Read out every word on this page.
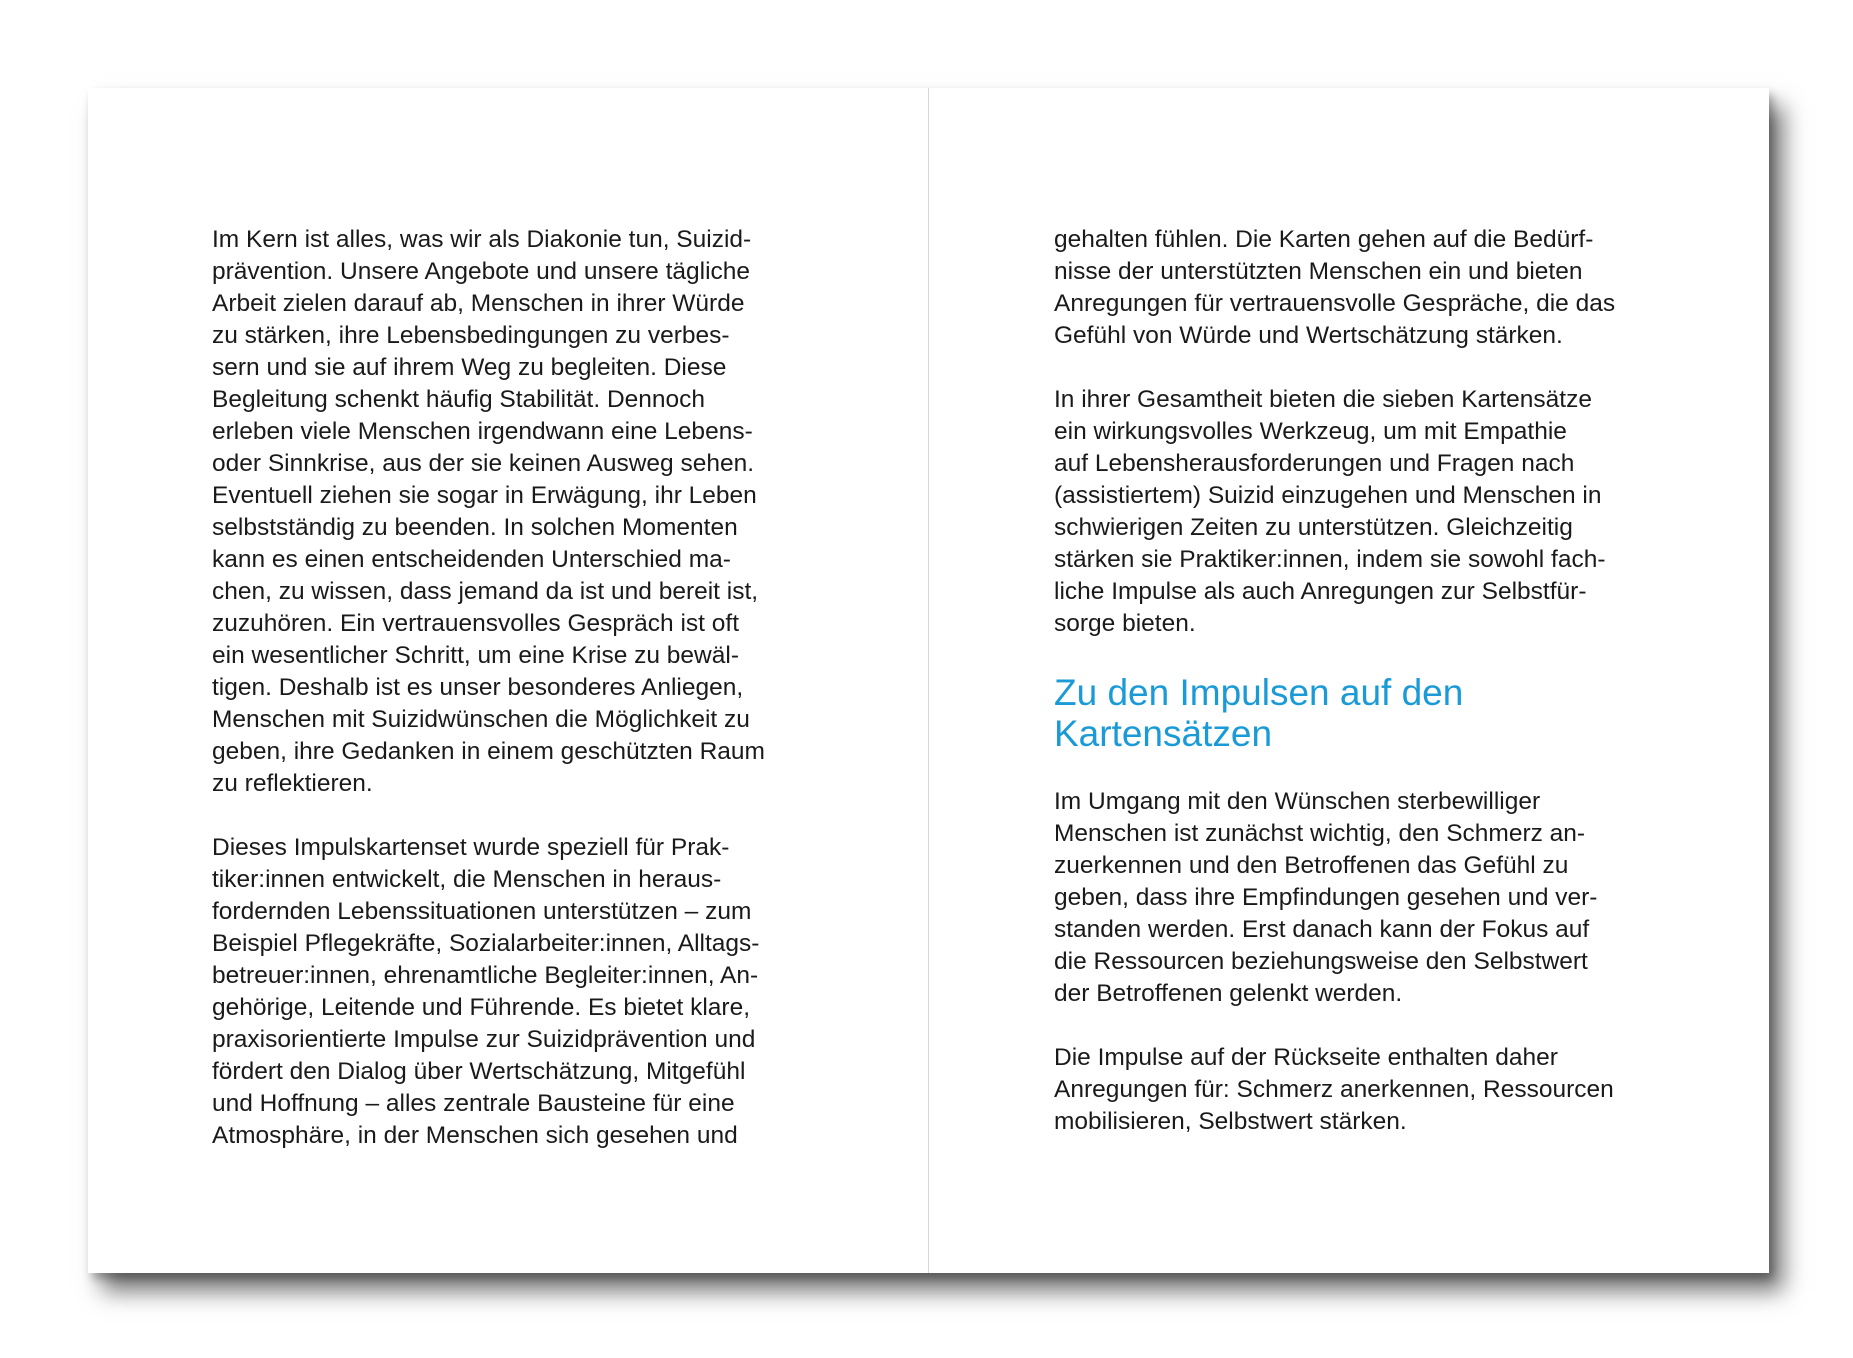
Im Kern ist alles, was wir als Diakonie tun, Suizid-
prävention. Unsere Angebote und unsere tägliche
Arbeit zielen darauf ab, Menschen in ihrer Würde
zu stärken, ihre Lebensbedingungen zu verbes-
sern und sie auf ihrem Weg zu begleiten. Diese
Begleitung schenkt häufig Stabilität. Dennoch
erleben viele Menschen irgendwann eine Lebens-
oder Sinnkrise, aus der sie keinen Ausweg sehen.
Eventuell ziehen sie sogar in Erwägung, ihr Leben
selbstständig zu beenden. In solchen Momenten
kann es einen entscheidenden Unterschied ma-
chen, zu wissen, dass jemand da ist und bereit ist,
zuzuhören. Ein vertrauensvolles Gespräch ist oft
ein wesentlicher Schritt, um eine Krise zu bewäl-
tigen. Deshalb ist es unser besonderes Anliegen,
Menschen mit Suizidwünschen die Möglichkeit zu
geben, ihre Gedanken in einem geschützten Raum
zu reflektieren.
Dieses Impulskartenset wurde speziell für Prak-
tiker:innen entwickelt, die Menschen in heraus-
fordernden Lebenssituationen unterstützen – zum
Beispiel Pflegekräfte, Sozialarbeiter:innen, Alltags-
betreuer:innen, ehrenamtliche Begleiter:innen, An-
gehörige, Leitende und Führende. Es bietet klare,
praxisorientierte Impulse zur Suizidprävention und
fördert den Dialog über Wertschätzung, Mitgefühl
und Hoffnung – alles zentrale Bausteine für eine
Atmosphäre, in der Menschen sich gesehen und
gehalten fühlen. Die Karten gehen auf die Bedürf-
nisse der unterstützten Menschen ein und bieten
Anregungen für vertrauensvolle Gespräche, die das
Gefühl von Würde und Wertschätzung stärken.
In ihrer Gesamtheit bieten die sieben Kartensätze
ein wirkungsvolles Werkzeug, um mit Empathie
auf Lebensherausforderungen und Fragen nach
(assistiertem) Suizid einzugehen und Menschen in
schwierigen Zeiten zu unterstützen. Gleichzeitig
stärken sie Praktiker:innen, indem sie sowohl fach-
liche Impulse als auch Anregungen zur Selbstfür-
sorge bieten.
Zu den Impulsen auf den
Kartensätzen
Im Umgang mit den Wünschen sterbewilliger
Menschen ist zunächst wichtig, den Schmerz an-
zuerkennen und den Betroffenen das Gefühl zu
geben, dass ihre Empfindungen gesehen und ver-
standen werden. Erst danach kann der Fokus auf
die Ressourcen beziehungsweise den Selbstwert
der Betroffenen gelenkt werden.
Die Impulse auf der Rückseite enthalten daher
Anregungen für: Schmerz anerkennen, Ressourcen
mobilisieren, Selbstwert stärken.
